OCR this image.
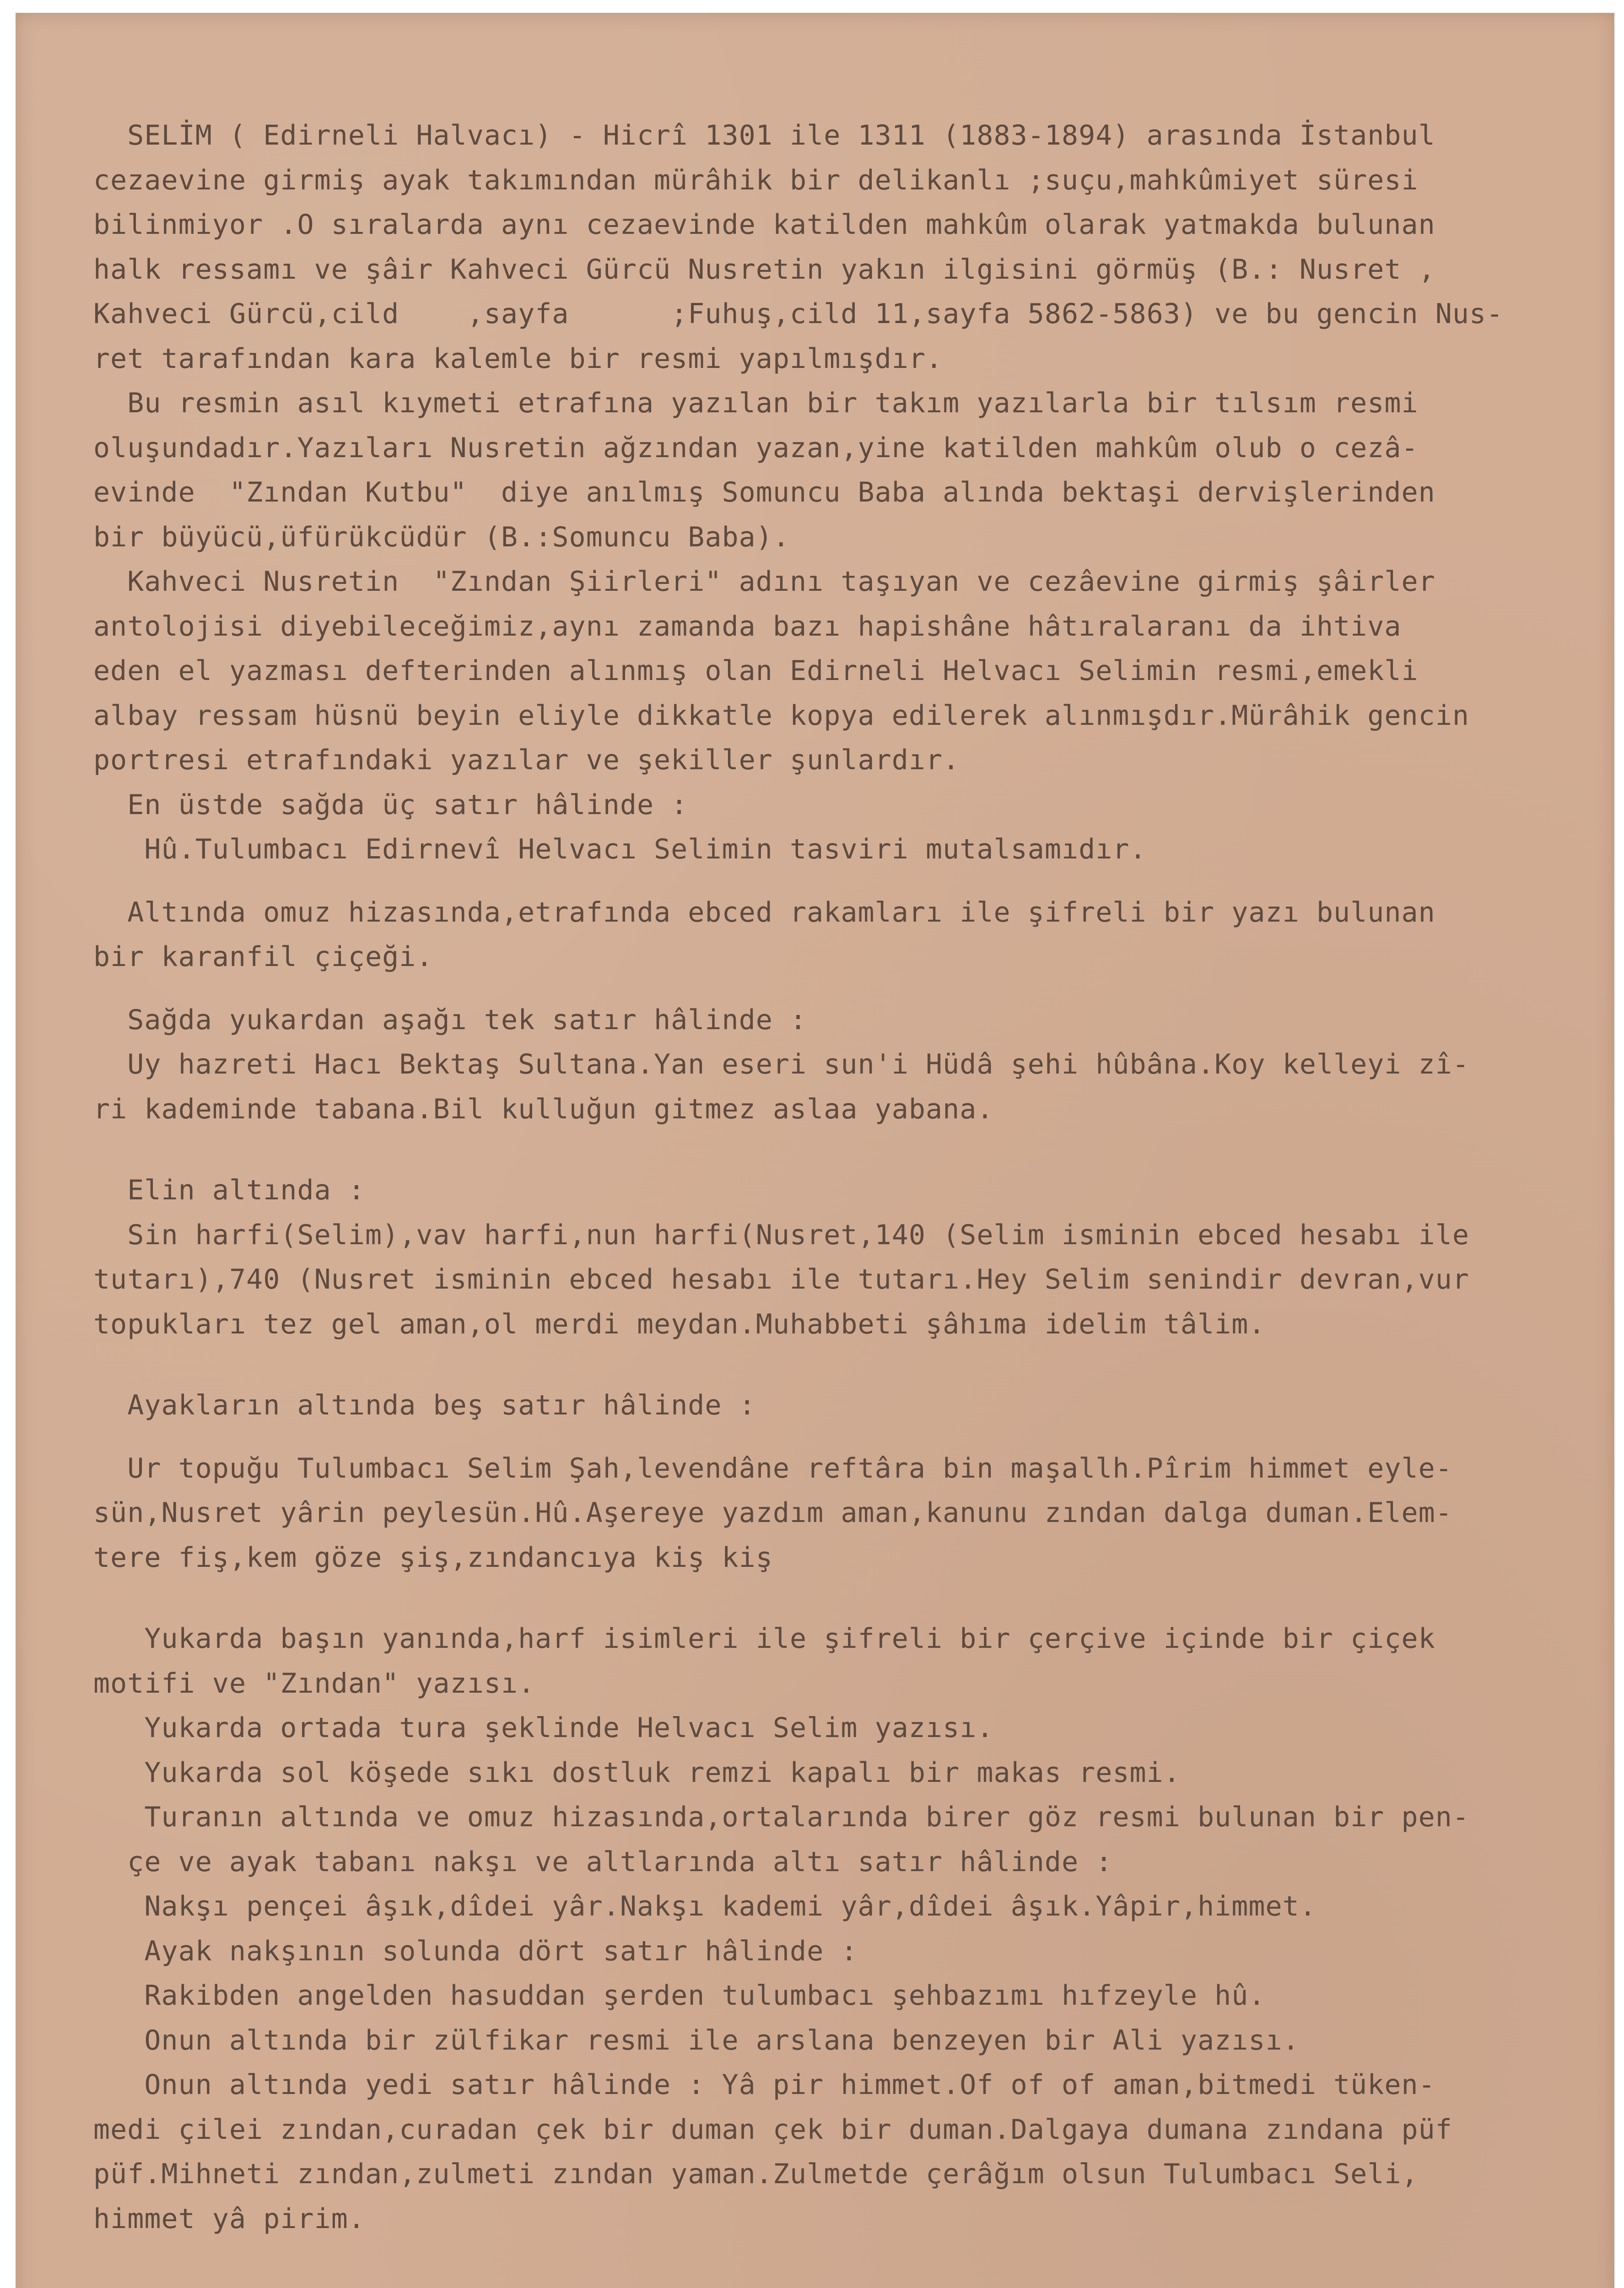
SELİM ( Edirneli Halvacı) - Hicrî 1301 ile 1311 (1883-1894) arasında İstanbul
cezaevine girmiş ayak takımından mürâhik bir delikanlı ;suçu,mahkûmiyet süresi
bilinmiyor .O sıralarda aynı cezaevinde katilden mahkûm olarak yatmakda bulunan
halk ressamı ve şâir Kahveci Gürcü Nusretin yakın ilgisini görmüş (B.: Nusret ,
Kahveci Gürcü,cild    ,sayfa      ;Fuhuş,cild 11,sayfa 5862-5863) ve bu gencin Nus-
ret tarafından kara kalemle bir resmi yapılmışdır.
Bu resmin asıl kıymeti etrafına yazılan bir takım yazılarla bir tılsım resmi
oluşundadır.Yazıları Nusretin ağzından yazan,yine katilden mahkûm olub o cezâ-
evinde  "Zından Kutbu"  diye anılmış Somuncu Baba alında bektaşi dervişlerinden
bir büyücü,üfürükcüdür (B.:Somuncu Baba).
Kahveci Nusretin  "Zından Şiirleri" adını taşıyan ve cezâevine girmiş şâirler
antolojisi diyebileceğimiz,aynı zamanda bazı hapishâne hâtıralaranı da ihtiva
eden el yazması defterinden alınmış olan Edirneli Helvacı Selimin resmi,emekli
albay ressam hüsnü beyin eliyle dikkatle kopya edilerek alınmışdır.Mürâhik gencin
portresi etrafındaki yazılar ve şekiller şunlardır.
En üstde sağda üç satır hâlinde :
Hû.Tulumbacı Edirnevî Helvacı Selimin tasviri mutalsamıdır.
Altında omuz hizasında,etrafında ebced rakamları ile şifreli bir yazı bulunan
bir karanfil çiçeği.
Sağda yukardan aşağı tek satır hâlinde :
Uy hazreti Hacı Bektaş Sultana.Yan eseri sun'i Hüdâ şehi hûbâna.Koy kelleyi zî-
ri kademinde tabana.Bil kulluğun gitmez aslaa yabana.
Elin altında :
Sin harfi(Selim),vav harfi,nun harfi(Nusret,140 (Selim isminin ebced hesabı ile
tutarı),740 (Nusret isminin ebced hesabı ile tutarı.Hey Selim senindir devran,vur
topukları tez gel aman,ol merdi meydan.Muhabbeti şâhıma idelim tâlim.
Ayakların altında beş satır hâlinde :
Ur topuğu Tulumbacı Selim Şah,levendâne reftâra bin maşallh.Pîrim himmet eyle-
sün,Nusret yârin peylesün.Hû.Aşereye yazdım aman,kanunu zından dalga duman.Elem-
tere fiş,kem göze şiş,zındancıya kiş kiş
Yukarda başın yanında,harf isimleri ile şifreli bir çerçive içinde bir çiçek
motifi ve "Zından" yazısı.
Yukarda ortada tura şeklinde Helvacı Selim yazısı.
Yukarda sol köşede sıkı dostluk remzi kapalı bir makas resmi.
Turanın altında ve omuz hizasında,ortalarında birer göz resmi bulunan bir pen-
çe ve ayak tabanı nakşı ve altlarında altı satır hâlinde :
Nakşı pençei âşık,dîdei yâr.Nakşı kademi yâr,dîdei âşık.Yâpir,himmet.
Ayak nakşının solunda dört satır hâlinde :
Rakibden angelden hasuddan şerden tulumbacı şehbazımı hıfzeyle hû.
Onun altında bir zülfikar resmi ile arslana benzeyen bir Ali yazısı.
Onun altında yedi satır hâlinde : Yâ pir himmet.Of of of aman,bitmedi tüken-
medi çilei zından,curadan çek bir duman çek bir duman.Dalgaya dumana zındana püf
püf.Mihneti zından,zulmeti zından yaman.Zulmetde çerâğım olsun Tulumbacı Seli,
himmet yâ pirim.
